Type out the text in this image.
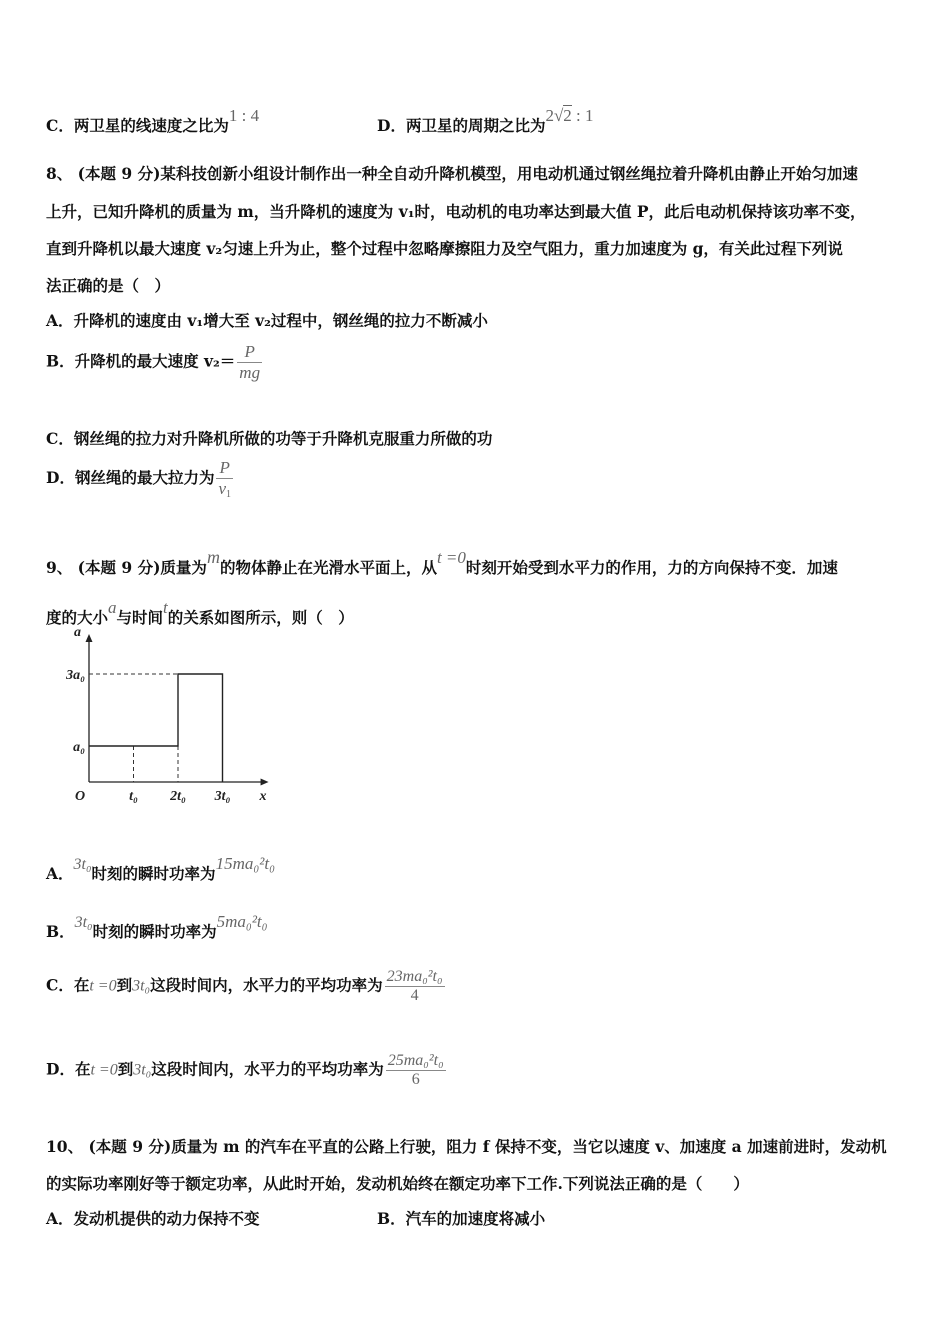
C．两卫星的线速度之比为1 : 4
D．两卫星的周期之比为2√2 : 1
8、 (本题 9 分)某科技创新小组设计制作出一种全自动升降机模型，用电动机通过钢丝绳拉着升降机由静止开始匀加速
上升，已知升降机的质量为 m，当升降机的速度为 v₁时，电动机的电功率达到最大值 P，此后电动机保持该功率不变，
直到升降机以最大速度 v₂匀速上升为止，整个过程中忽略摩擦阻力及空气阻力，重力加速度为 g，有关此过程下列说
法正确的是（　）
A．升降机的速度由 v₁增大至 v₂过程中，钢丝绳的拉力不断减小
B．升降机的最大速度 $v_2= \frac{P}{mg}$
C．钢丝绳的拉力对升降机所做的功等于升降机克服重力所做的功
D．钢丝绳的最大拉力为 $\frac{P}{v_1}$
9、 (本题 9 分)质量为m的物体静止在光滑水平面上，从t =0时刻开始受到水平力的作用，力的方向保持不变．加速
度的大小a与时间t的关系如图所示，则（　）
a
x
O	t₀ 2t₀ 3t₀
a₀
3a₀
A．3t₀时刻的瞬时功率为15ma₀²t₀
B．3t₀时刻的瞬时功率为5ma₀²t₀
C．在t =0到3t₀这段时间内，水平力的平均功率为 $\frac{\text{23ma₀²t₀}}{4}$
D．在t =0到3t₀这段时间内，水平力的平均功率为 $\frac{\text{25ma₀²t₀}}{6}$
10、 (本题 9 分)质量为 m 的汽车在平直的公路上行驶，阻力 f 保持不变，当它以速度 v、加速度 a 加速前进时，发动机
的实际功率刚好等于额定功率，从此时开始，发动机始终在额定功率下工作.下列说法正确的是（　　）
A．发动机提供的动力保持不变	B．汽车的加速度将减小
